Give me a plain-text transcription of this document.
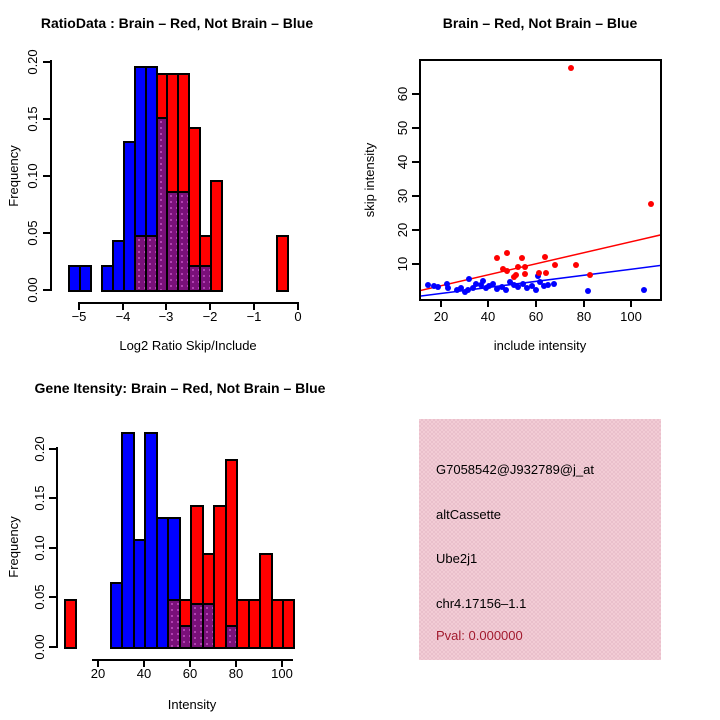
RatioData : Brain – Red, Not Brain – Blue	Brain – Red, Not Brain – Blue
Gene Itensity: Brain – Red, Not Brain – Blue
Log2 Ratio Skip/Include	include intensity
Intensity
Frequency	skip intensity
Frequency
0.00
0.05
0.10
0.15
0.20
−5	−4	−3	−2	−1	0	20	40	60	80	100
10
20
30
40
50
60
0.00
0.05
0.10
0.15
0.20
20	40	60	80	100
G7058542@J932789@j_at
altCassette
Ube2j1
chr4.17156–1.1
Pval: 0.000000
